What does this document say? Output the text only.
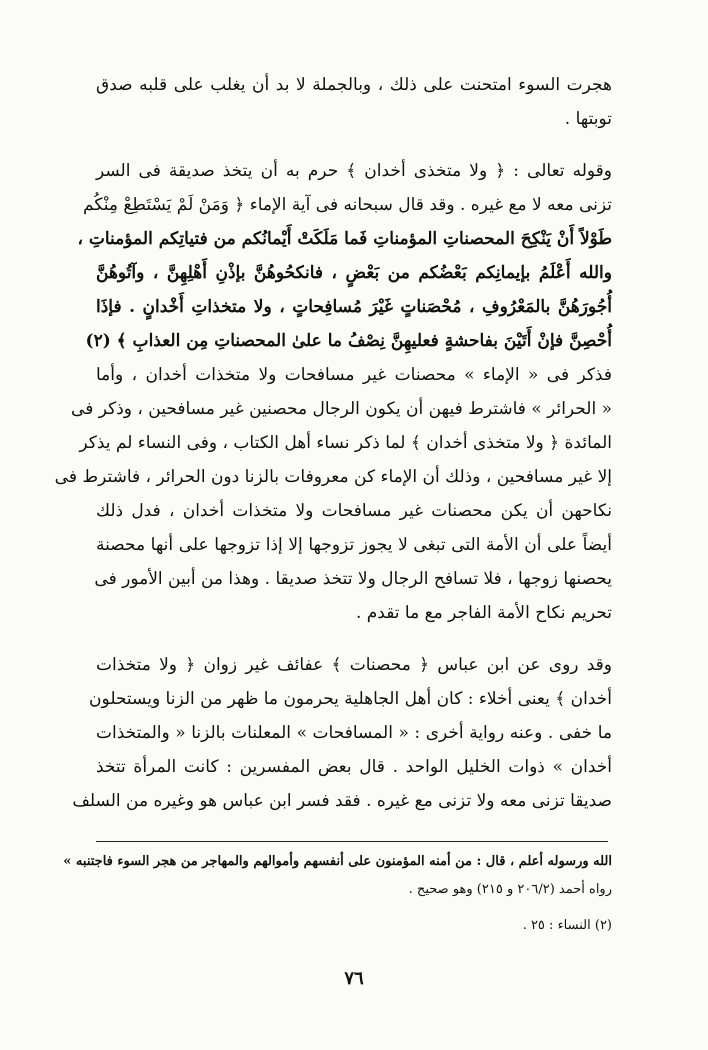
هجرت السوء امتحنت على ذلك ، وبالجملة لا بد أن يغلب على قلبه صدق
توبتها .
وقوله تعالى : ﴿ ولا متخذى أخدان ﴾ حرم به أن يتخذ صديقة فى السر
تزنى معه لا مع غيره . وقد قال سبحانه فى آية الإماء ﴿ وَمَنْ لَمْ يَسْتَطِعْ مِنْكُم
طَوْلاً أَنْ يَنْكِحَ المحصناتِ المؤمناتِ فَما مَلَكَتْ أَيْمانُكم من فتياتِكم المؤمناتِ ،
والله أَعْلَمُ بإيمانِكم بَعْضُكم من بَعْضٍ ، فانكحُوهُنَّ بإذْنِ أَهْلِهِنَّ ، وآتُوهُنَّ
أُجُورَهُنَّ بالمَعْرُوفِ ، مُحْصَناتٍ غَيْرَ مُسافِحاتٍ ، ولا متخذاتِ أَخْدانٍ . فإذَا
أُحْصِنَّ فإنْ أَتَيْنَ بفاحشةٍ فعليهِنَّ نِصْفُ ما علىٰ المحصناتِ مِن العذابِ ﴾ (٢)
فذكر فى « الإماء » محصنات غير مسافحات ولا متخذات أخدان ، وأما
« الحرائر » فاشترط فيهن أن يكون الرجال محصنين غير مسافحين ، وذكر فى
المائدة ﴿ ولا متخذى أخدان ﴾ لما ذكر نساء أهل الكتاب ، وفى النساء لم يذكر
إلا غير مسافحين ، وذلك أن الإماء كن معروفات بالزنا دون الحرائر ، فاشترط فى
نكاحهن أن يكن محصنات غير مسافحات ولا متخذات أخدان ، فدل ذلك
أيضاً على أن الأمة التى تبغى لا يجوز تزوجها إلا إذا تزوجها على أنها محصنة
يحصنها زوجها ، فلا تسافح الرجال ولا تتخذ صديقا . وهذا من أبين الأمور فى
تحريم نكاح الأمة الفاجر مع ما تقدم .
وقد روى عن ابن عباس ﴿ محصنات ﴾ عفائف غير زوان ﴿ ولا متخذات
أخدان ﴾ يعنى أخلاء : كان أهل الجاهلية يحرمون ما ظهر من الزنا ويستحلون
ما خفى . وعنه رواية أخرى : « المسافحات » المعلنات بالزنا « والمتخذات
أخدان » ذوات الخليل الواحد . قال بعض المفسرين : كانت المرأة تتخذ
صديقا تزنى معه ولا تزنى مع غيره . فقد فسر ابن عباس هو وغيره من السلف
الله ورسوله أعلم ، قال : من أمنه المؤمنون على أنفسهم وأموالهم والمهاجر من هجر السوء فاجتنبه »
رواه أحمد (٢٠٦/٢ و ٢١٥) وهو صحيح .
(٢) النساء : ٢٥ .
٧٦
